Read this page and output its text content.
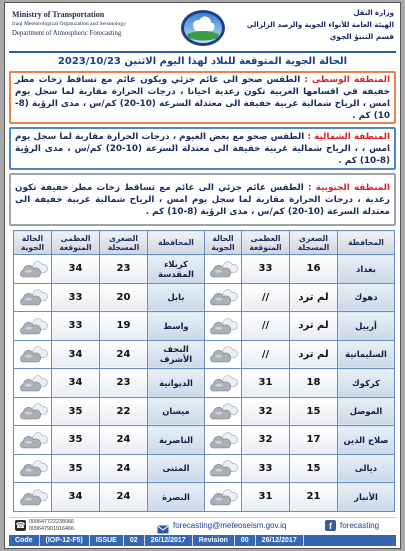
Ministry of Transportation
Iraqi Meteorological Organization and Seismology
Department of Atmospheric Forecasting
وزارة النقل
الهيئة العامة للأنواء الجوية والرصد الزلزالي
قسم التنبؤ الجوي
الحالة الجوية المتوقعة للبلاد لهذا اليوم الاثنين 2023/10/23

المنطقة الوسطى : الطقس صحو الى غائم جزئي ويكون غائم مع تساقط زخات مطر خفيفة في اقسامها الغربية تكون رعدية احيانا ، درجات الحرارة مقاربة لما سجل يوم امس ، الرياح شمالية غربية خفيفة الى معتدلة السرعة (10-20) كم/س ، مدى الرؤية (8-10) كم .

المنطقة الشمالية : الطقس صحو مع بعض الغيوم ، درجات الحرارة مقاربة لما سجل يوم امس ، ، الرياح شمالية غربية خفيفة الى معتدلة السرعة (10-20) كم/س ، مدى الرؤية (8-10) كم .

المنطقة الجنوبية : الطقس غائم جزئي الى غائم مع تساقط زخات مطر خفيفة تكون رعدية ، درجات الحرارة مقاربة لما سجل يوم امس ، الرياح شمالية غربية خفيفة الى معتدلة السرعة (10-20) كم/س ، مدى الرؤية (8-10) كم .

المحافظة	الصغرى المسجلة	العظمى المتوقعة	الحالة الجوية	المحافظة	الصغرى المسجلة	العظمى المتوقعة	الحالة الجوية
بغداد	16	33		كربلاء المقدسة	23	34	

دهوك	لم ترد	//		بابل	20	33	

أربيل	لم ترد	//		واسط	19	33	

السليمانية	لم ترد	//		النجف الأشرف	24	34	

كركوك	18	31		الديوانية	23	34	

الموصل	15	32		ميسان	22	35	

صلاح الدين	17	32		الناصرية	24	35	

ديالى	15	33		المثنى	24	35	

الأنبار	21	31		البصرة	24	34	
☎ 009647722238066
009647901916466	forecasting@meteoseism.gov.iq	f	forecasting
Code	(IOP-12-F5)	ISSUE	02	26/12/2017	Revision	00	26/12/2017
